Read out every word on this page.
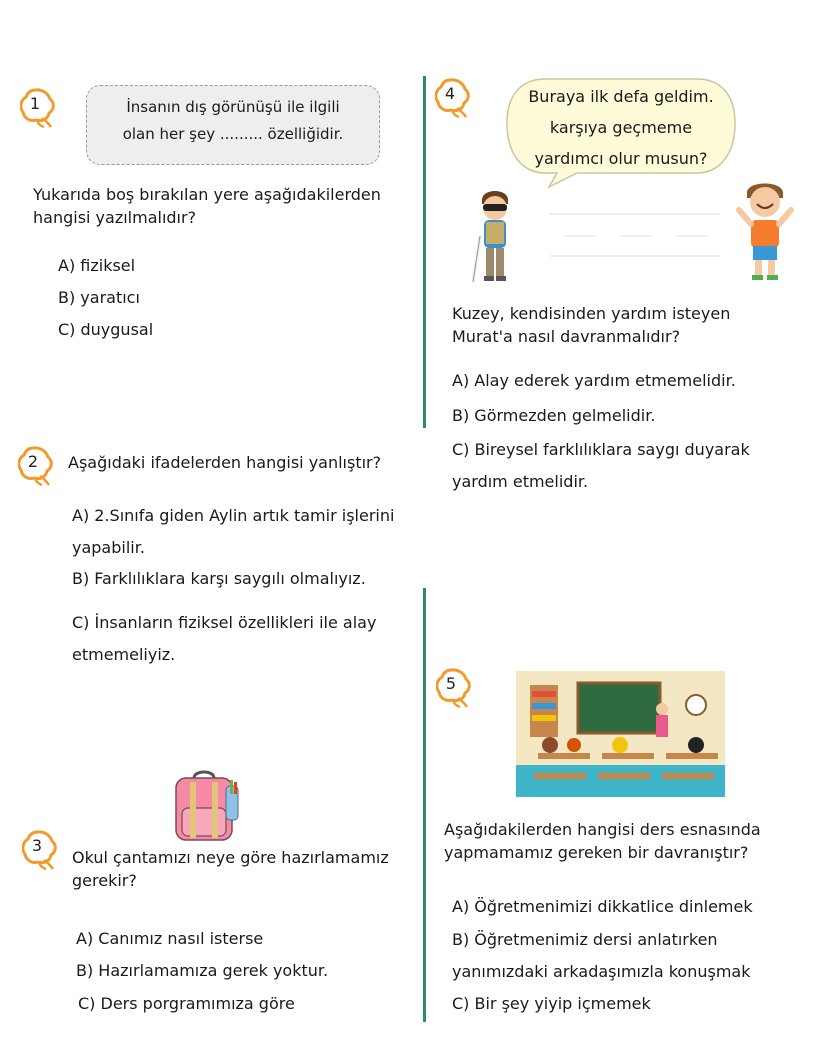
1	İnsanın dış görünüşü ile ilgili
olan her şey ......... özelliğidir.
Yukarıda boş bırakılan yere aşağıdakilerden
hangisi yazılmalıdır?
A) fiziksel
B) yaratıcı
C) duygusal
2	Aşağıdaki ifadelerden hangisi yanlıştır?
A) 2.Sınıfa giden Aylin artık tamir işlerini
yapabilir.
B) Farklılıklara karşı saygılı olmalıyız.
C) İnsanların fiziksel özellikleri ile alay
etmemeliyiz.
3
Okul çantamızı neye göre hazırlamamız
gerekir?
A) Canımız nasıl isterse
B) Hazırlamamıza gerek yoktur.
C) Ders porgramımıza göre
4	Buraya ilk defa geldim.
karşıya geçmeme
yardımcı olur musun?
Kuzey, kendisinden yardım isteyen
Murat'a nasıl davranmalıdır?
A) Alay ederek yardım etmemelidir.
B) Görmezden gelmelidir.
C) Bireysel farklılıklara saygı duyarak
yardım etmelidir.
5
Aşağıdakilerden hangisi ders esnasında
yapmamamız gereken bir davranıştır?
A) Öğretmenimizi dikkatlice dinlemek
B) Öğretmenimiz dersi anlatırken
yanımızdaki arkadaşımızla konuşmak
C) Bir şey yiyip içmemek
